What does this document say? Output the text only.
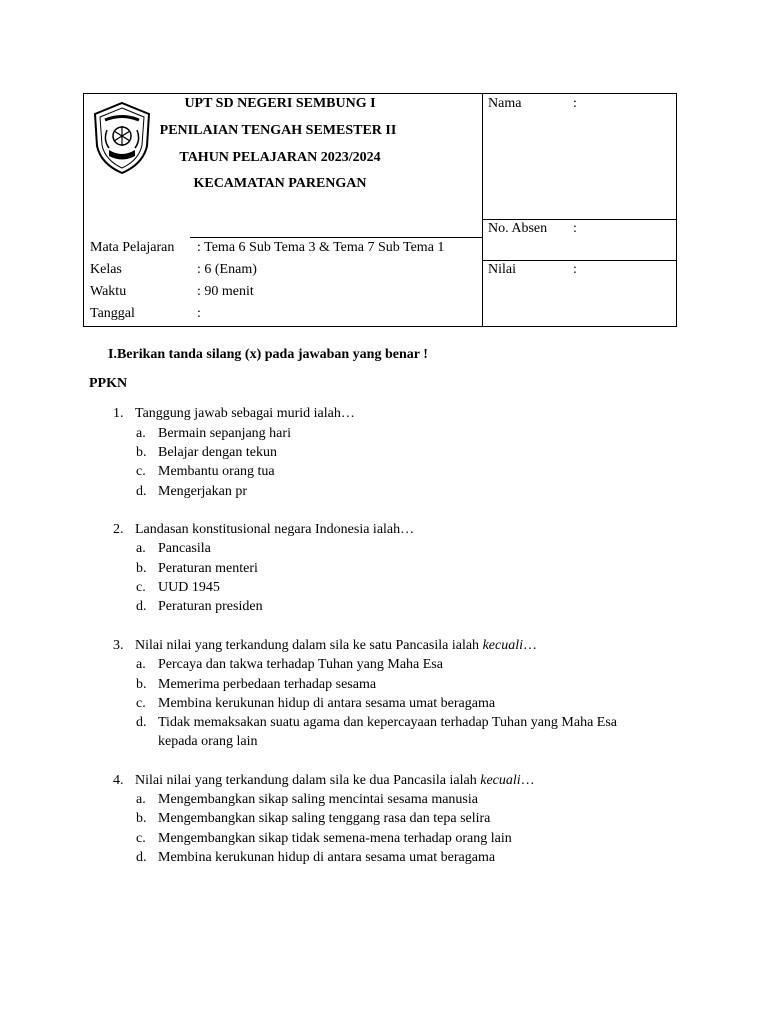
UPT SD NEGERI SEMBUNG I
PENILAIAN TENGAH SEMESTER II
TAHUN PELAJARAN 2023/2024
KECAMATAN PARENGAN
Nama	:
No. Absen :
Nilai	:
Mata Pelajaran : Tema 6 Sub Tema 3 & Tema 7 Sub Tema 1
Kelas	: 6 (Enam)
Waktu	: 90 menit
Tanggal	:
I.Berikan tanda silang (x) pada jawaban yang benar !
PPKN
1. Tanggung jawab sebagai murid ialah…
a. Bermain sepanjang hari
b. Belajar dengan tekun
c. Membantu orang tua
d. Mengerjakan pr
2. Landasan konstitusional negara Indonesia ialah…
a. Pancasila
b. Peraturan menteri
c. UUD 1945
d. Peraturan presiden
3. Nilai nilai yang terkandung dalam sila ke satu Pancasila ialah kecuali…
a. Percaya dan takwa terhadap Tuhan yang Maha Esa
b. Memerima perbedaan terhadap sesama
c. Membina kerukunan hidup di antara sesama umat beragama
d. Tidak memaksakan suatu agama dan kepercayaan terhadap Tuhan yang Maha Esa
kepada orang lain
4. Nilai nilai yang terkandung dalam sila ke dua Pancasila ialah kecuali…
a. Mengembangkan sikap saling mencintai sesama manusia
b. Mengembangkan sikap saling tenggang rasa dan tepa selira
c. Mengembangkan sikap tidak semena-mena terhadap orang lain
d. Membina kerukunan hidup di antara sesama umat beragama
